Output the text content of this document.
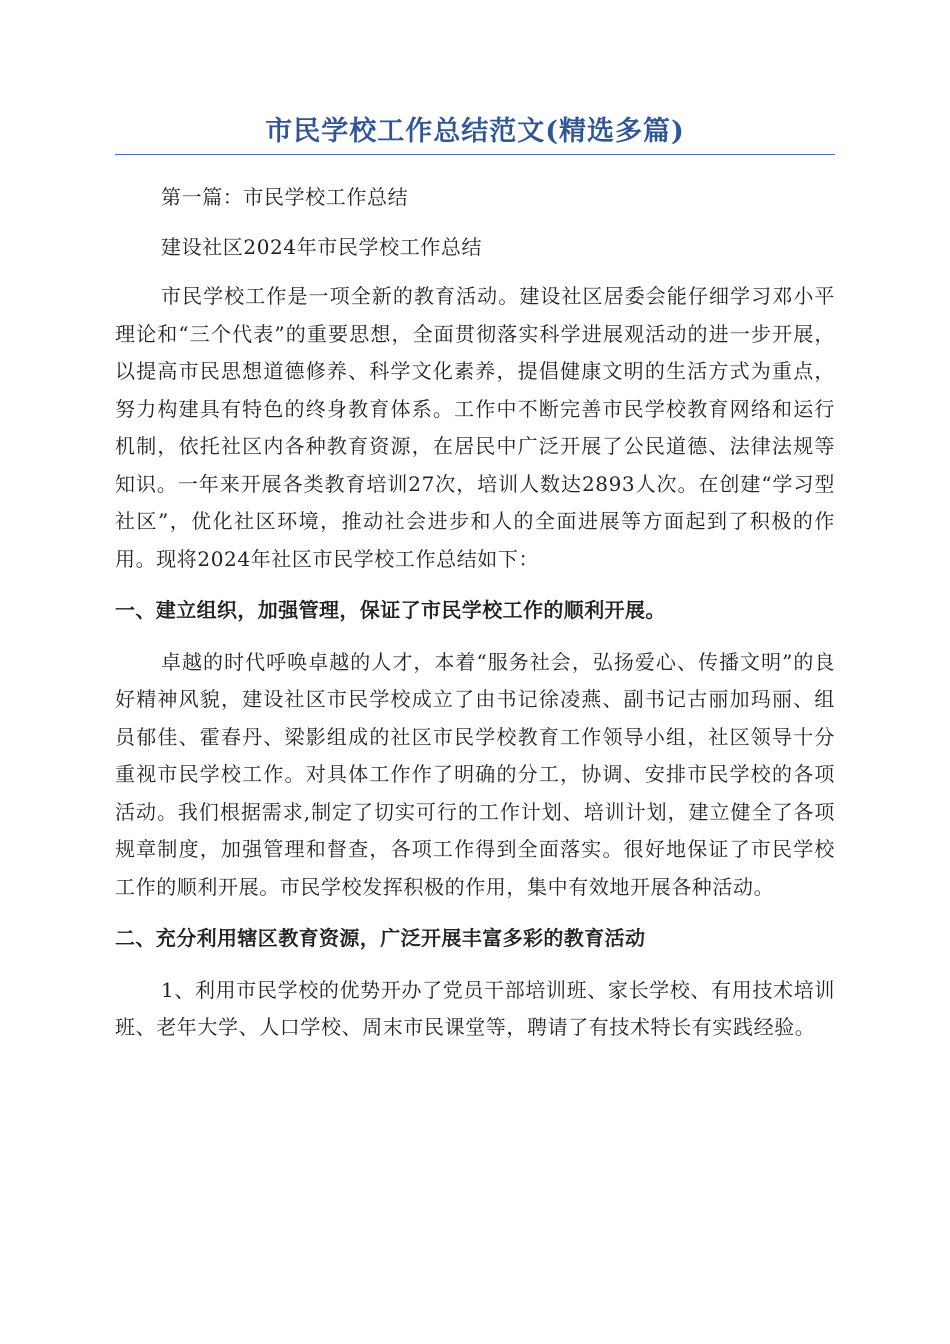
市民学校工作总结范文(精选多篇)

第一篇：市民学校工作总结

建设社区2024年市民学校工作总结

市民学校工作是一项全新的教育活动。建设社区居委会能仔细学习邓小平理论和“三个代表”的重要思想，全面贯彻落实科学进展观活动的进一步开展，以提高市民思想道德修养、科学文化素养，提倡健康文明的生活方式为重点，努力构建具有特色的终身教育体系。工作中不断完善市民学校教育网络和运行机制，依托社区内各种教育资源，在居民中广泛开展了公民道德、法律法规等知识。一年来开展各类教育培训27次，培训人数达2893人次。在创建“学习型社区”，优化社区环境，推动社会进步和人的全面进展等方面起到了积极的作用。现将2024年社区市民学校工作总结如下：

一、建立组织，加强管理，保证了市民学校工作的顺利开展。

卓越的时代呼唤卓越的人才，本着“服务社会，弘扬爱心、传播文明”的良好精神风貌，建设社区市民学校成立了由书记徐凌燕、副书记古丽加玛丽、组员郁佳、霍春丹、梁影组成的社区市民学校教育工作领导小组，社区领导十分重视市民学校工作。对具体工作作了明确的分工，协调、安排市民学校的各项活动。我们根据需求,制定了切实可行的工作计划、培训计划，建立健全了各项规章制度，加强管理和督查，各项工作得到全面落实。很好地保证了市民学校工作的顺利开展。市民学校发挥积极的作用，集中有效地开展各种活动。

二、充分利用辖区教育资源，广泛开展丰富多彩的教育活动

1、利用市民学校的优势开办了党员干部培训班、家长学校、有用技术培训班、老年大学、人口学校、周末市民课堂等，聘请了有技术特长有实践经验。
